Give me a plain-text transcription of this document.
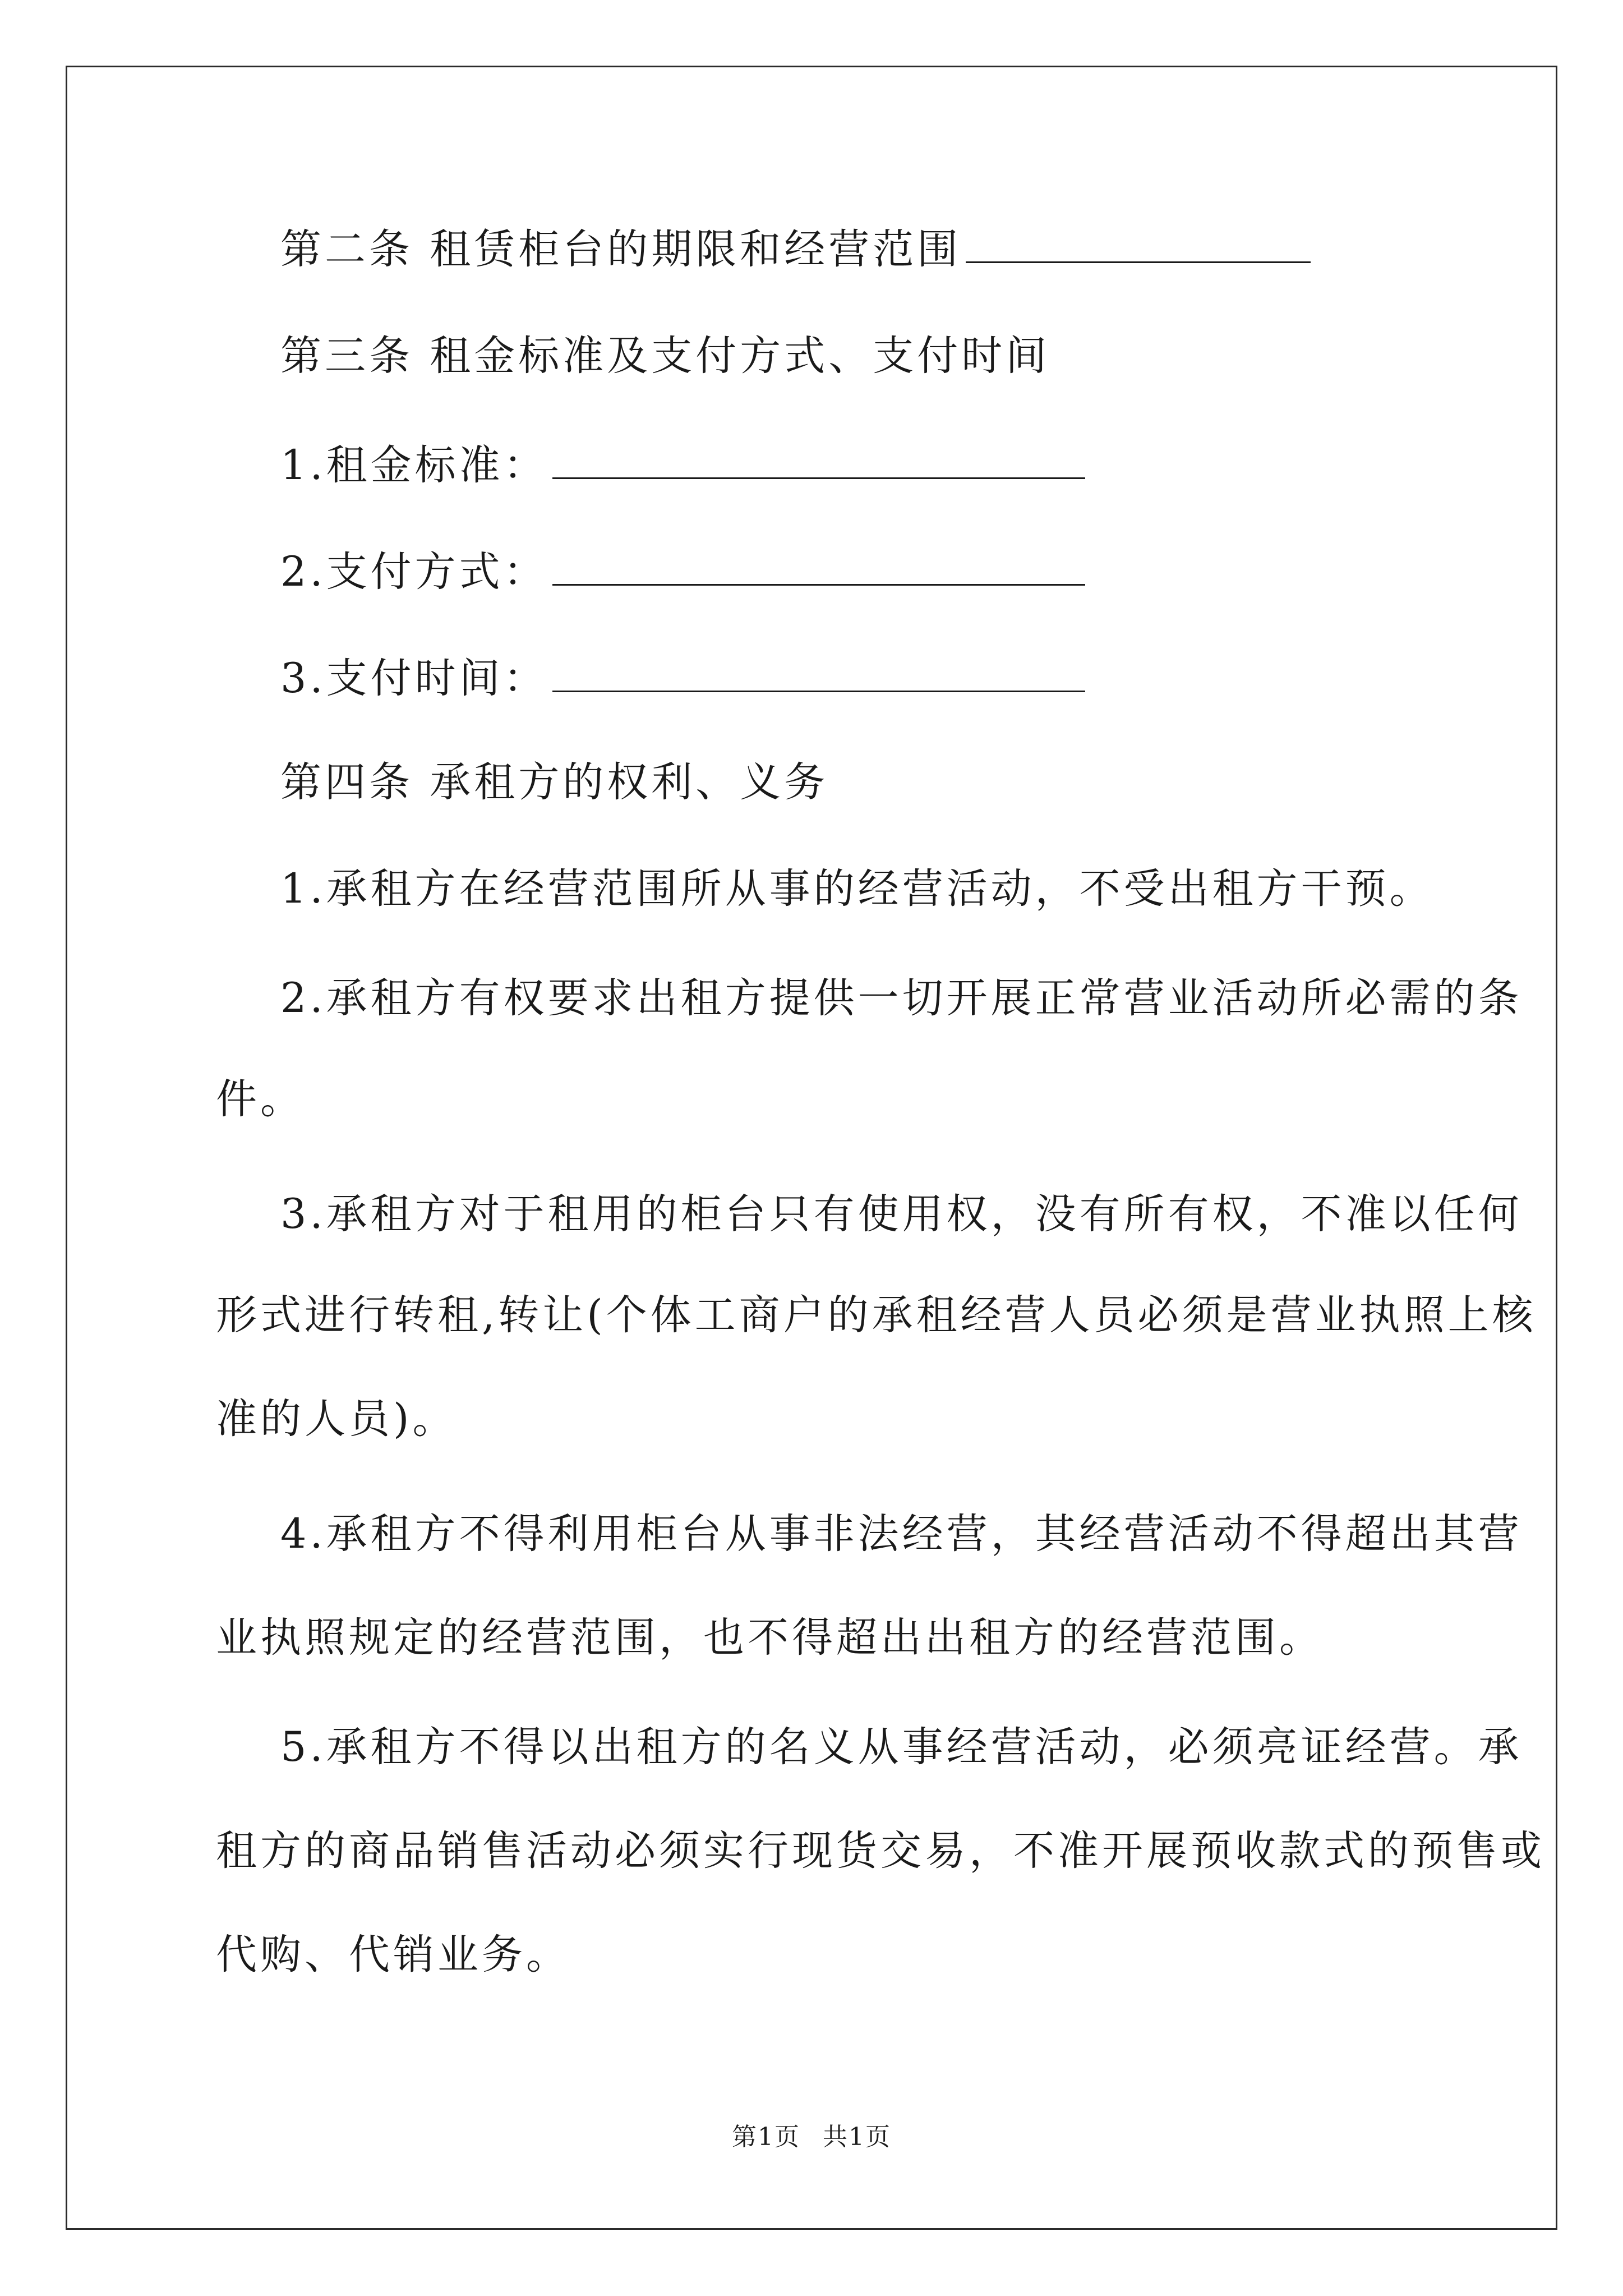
第二条 租赁柜台的期限和经营范围
第三条 租金标准及支付方式、支付时间
1.租金标准：
2.支付方式：
3.支付时间：
第四条 承租方的权利、义务
1.承租方在经营范围所从事的经营活动，不受出租方干预。
2.承租方有权要求出租方提供一切开展正常营业活动所必需的条
件。
3.承租方对于租用的柜台只有使用权，没有所有权，不准以任何
形式进行转租,转让(个体工商户的承租经营人员必须是营业执照上核
准的人员)。
4.承租方不得利用柜台从事非法经营，其经营活动不得超出其营
业执照规定的经营范围，也不得超出出租方的经营范围。
5.承租方不得以出租方的名义从事经营活动，必须亮证经营。承
租方的商品销售活动必须实行现货交易，不准开展预收款式的预售或
代购、代销业务。
第1页 共1页
